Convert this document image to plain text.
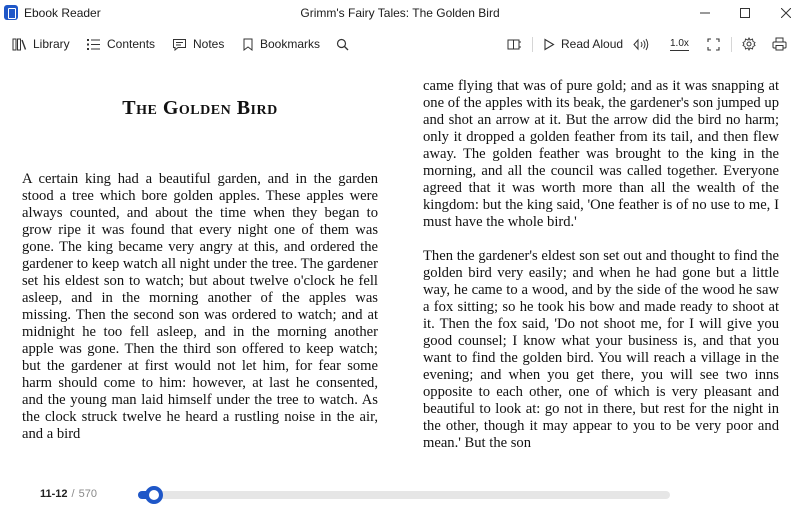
Ebook Reader	Grimm's Fairy Tales: The Golden Bird
Library	Contents	Notes	Bookmarks	Read Aloud	1.0x
The Golden Bird

A certain king had a beautiful garden, and in the garden stood a tree which bore golden apples. These apples were always counted, and about the time when they began to grow ripe it was found that every night one of them was gone. The king became very angry at this, and ordered the gardener to keep watch all night under the tree. The gardener set his eldest son to watch; but about twelve o'clock he fell asleep, and in the morning another of the apples was missing. Then the second son was ordered to watch; and at midnight he too fell asleep, and in the morning another apple was gone. Then the third son offered to keep watch; but the gardener at first would not let him, for fear some harm should come to him: however, at last he consented, and the young man laid himself under the tree to watch. As the clock struck twelve he heard a rustling noise in the air, and a bird

came flying that was of pure gold; and as it was snapping at one of the apples with its beak, the gardener's son jumped up and shot an arrow at it. But the arrow did the bird no harm; only it dropped a golden feather from its tail, and then flew away. The golden feather was brought to the king in the morning, and all the council was called together. Everyone agreed that it was worth more than all the wealth of the kingdom: but the king said, 'One feather is of no use to me, I must have the whole bird.'

Then the gardener's eldest son set out and thought to find the golden bird very easily; and when he had gone but a little way, he came to a wood, and by the side of the wood he saw a fox sitting; so he took his bow and made ready to shoot at it. Then the fox said, 'Do not shoot me, for I will give you good counsel; I know what your business is, and that you want to find the golden bird. You will reach a village in the evening; and when you get there, you will see two inns opposite to each other, one of which is very pleasant and beautiful to look at: go not in there, but rest for the night in the other, though it may appear to you to be very poor and mean.' But the son

11-12 / 570
